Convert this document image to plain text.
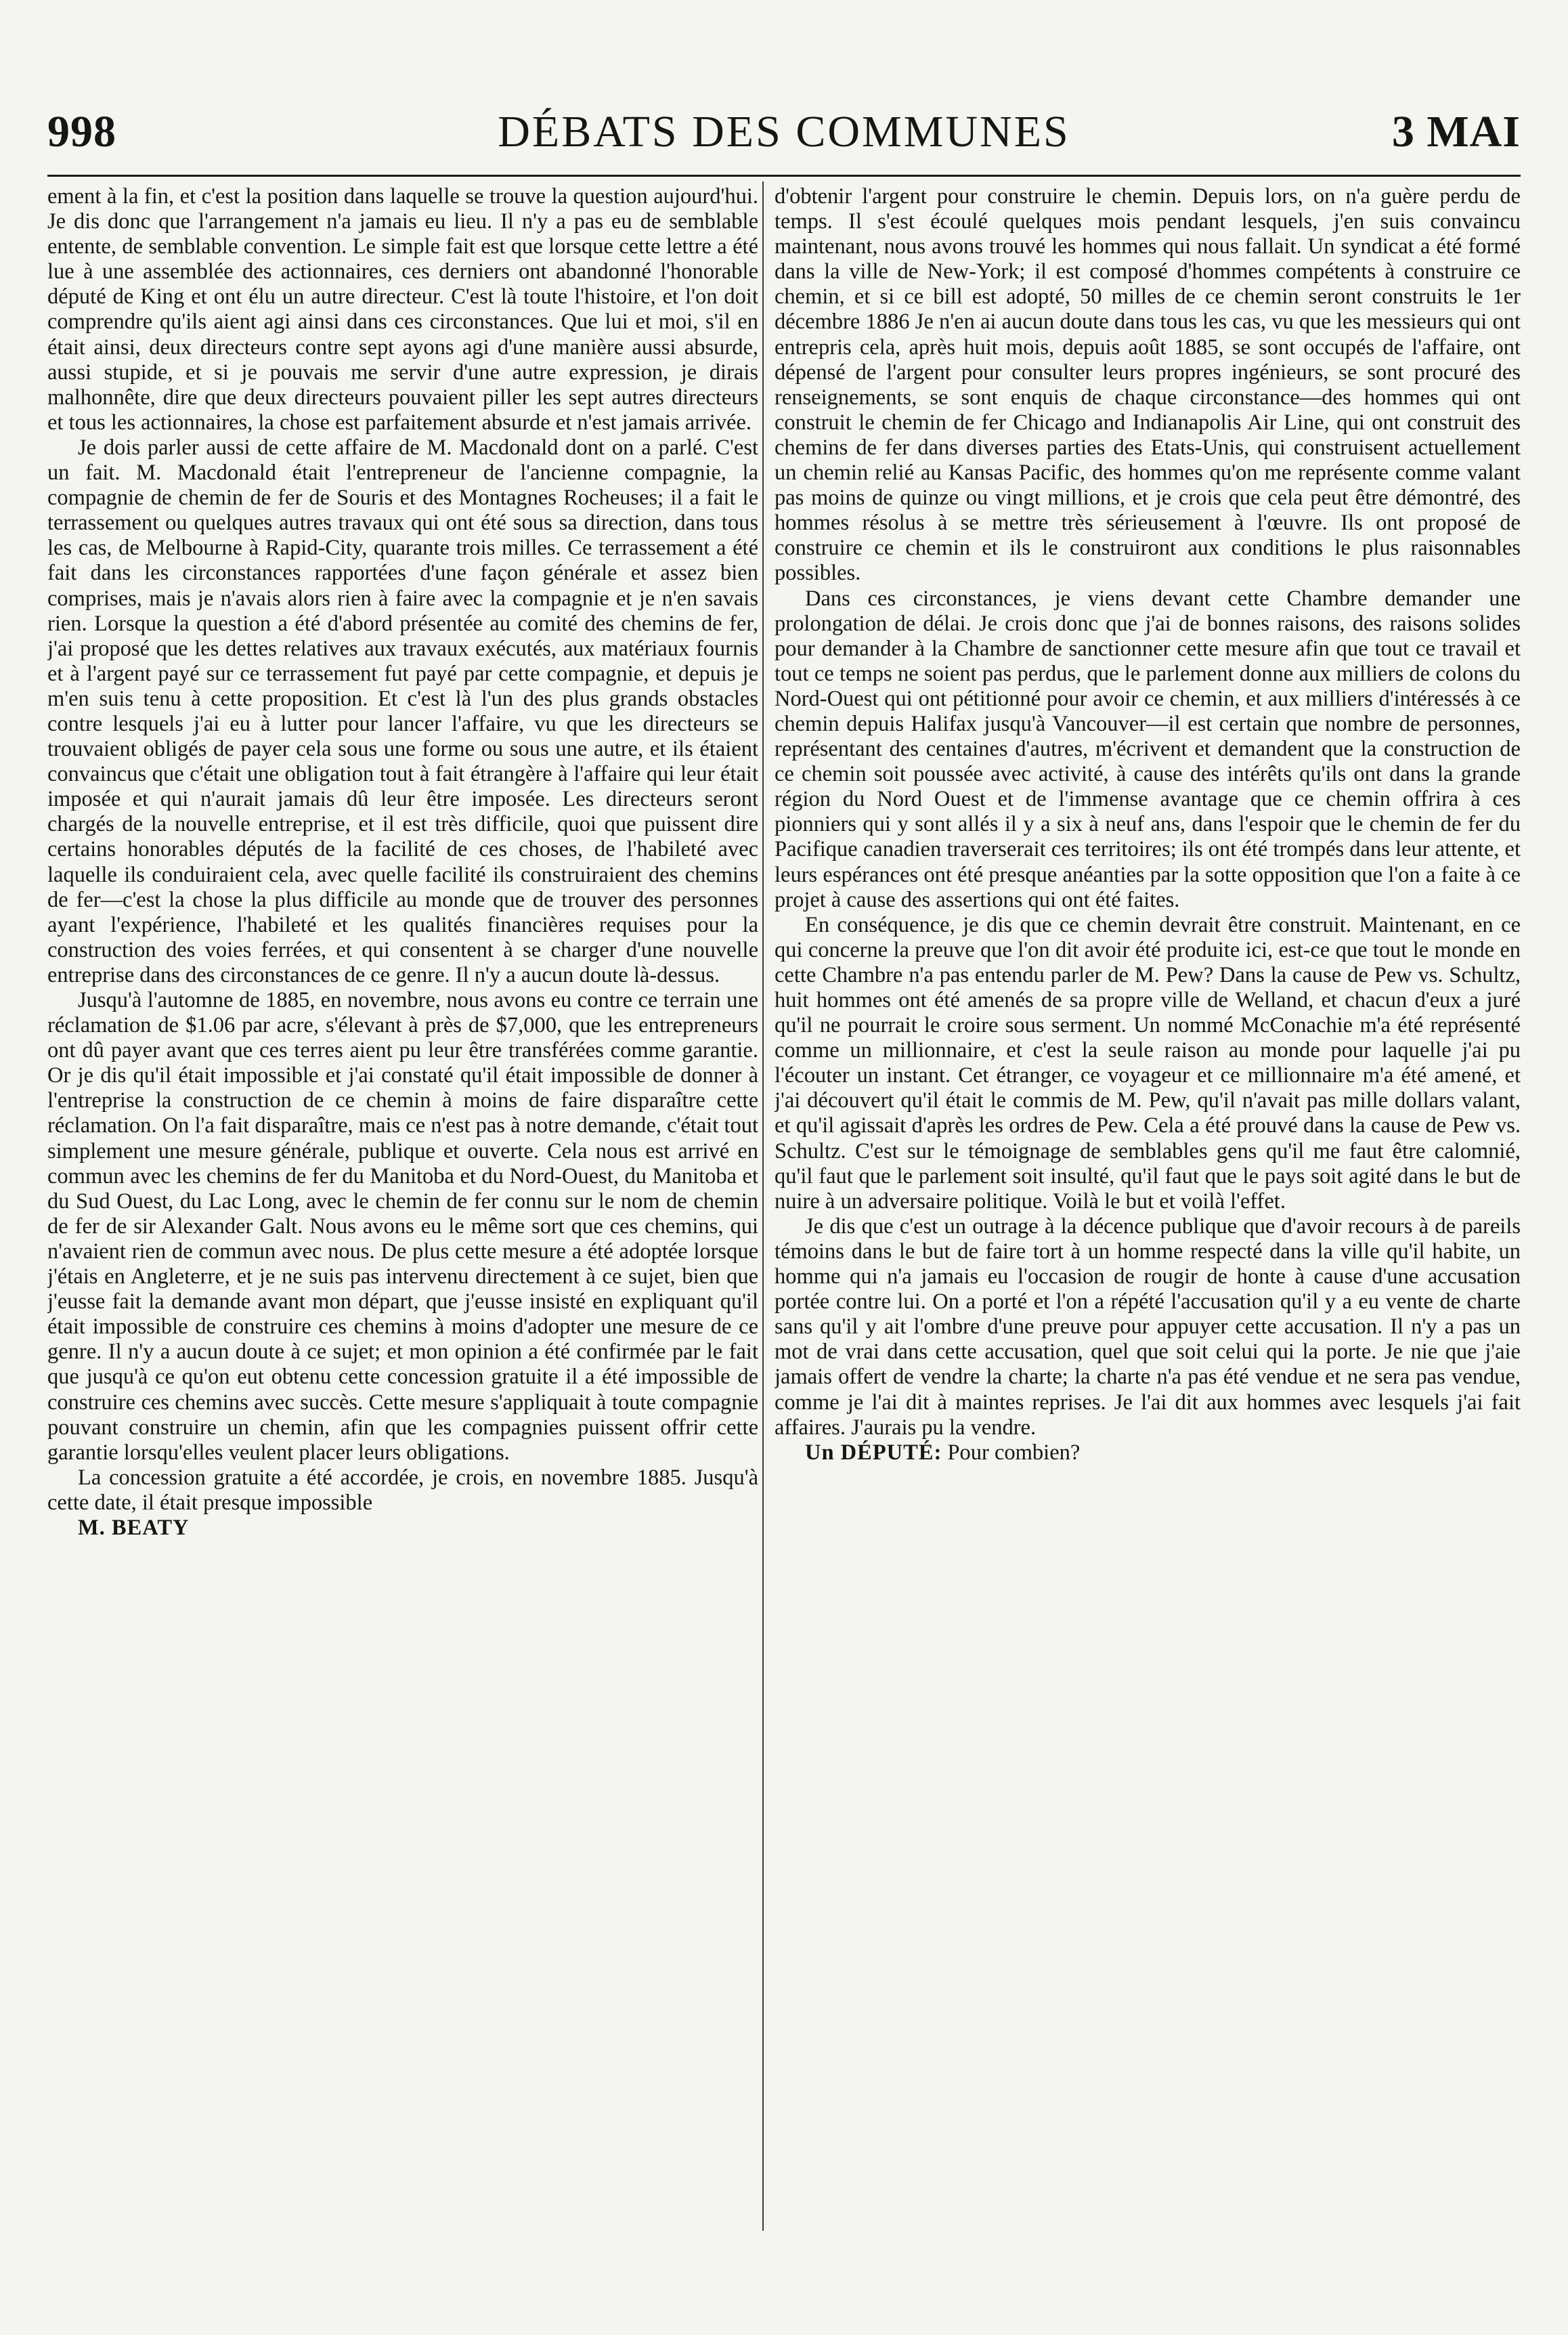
998	DÉBATS DES COMMUNES	3 MAI

ement à la fin, et c'est la position dans laquelle se trouve la question aujourd'hui. Je dis donc que l'arrangement n'a jamais eu lieu. Il n'y a pas eu de semblable entente, de semblable convention. Le simple fait est que lorsque cette lettre a été lue à une assemblée des actionnaires, ces derniers ont abandonné l'honorable député de King et ont élu un autre directeur. C'est là toute l'histoire, et l'on doit comprendre qu'ils aient agi ainsi dans ces circonstances. Que lui et moi, s'il en était ainsi, deux directeurs contre sept ayons agi d'une manière aussi absurde, aussi stupide, et si je pouvais me servir d'une autre expression, je dirais malhonnête, dire que deux directeurs pouvaient piller les sept autres directeurs et tous les actionnaires, la chose est parfaitement absurde et n'est jamais arrivée.

Je dois parler aussi de cette affaire de M. Macdonald dont on a parlé. C'est un fait. M. Macdonald était l'entrepreneur de l'ancienne compagnie, la compagnie de chemin de fer de Souris et des Montagnes Rocheuses; il a fait le terrassement ou quelques autres travaux qui ont été sous sa direction, dans tous les cas, de Melbourne à Rapid-City, quarante trois milles. Ce terrassement a été fait dans les circonstances rapportées d'une façon générale et assez bien comprises, mais je n'avais alors rien à faire avec la compagnie et je n'en savais rien. Lorsque la question a été d'abord présentée au comité des chemins de fer, j'ai proposé que les dettes relatives aux travaux exécutés, aux matériaux fournis et à l'argent payé sur ce terrassement fut payé par cette compagnie, et depuis je m'en suis tenu à cette proposition. Et c'est là l'un des plus grands obstacles contre lesquels j'ai eu à lutter pour lancer l'affaire, vu que les directeurs se trouvaient obligés de payer cela sous une forme ou sous une autre, et ils étaient convaincus que c'était une obligation tout à fait étrangère à l'affaire qui leur était imposée et qui n'aurait jamais dû leur être imposée. Les directeurs seront chargés de la nouvelle entreprise, et il est très difficile, quoi que puissent dire certains honorables députés de la facilité de ces choses, de l'habileté avec laquelle ils conduiraient cela, avec quelle facilité ils construiraient des chemins de fer—c'est la chose la plus difficile au monde que de trouver des personnes ayant l'expérience, l'habileté et les qualités financières requises pour la construction des voies ferrées, et qui consentent à se charger d'une nouvelle entreprise dans des circonstances de ce genre. Il n'y a aucun doute là-dessus.

Jusqu'à l'automne de 1885, en novembre, nous avons eu contre ce terrain une réclamation de $1.06 par acre, s'élevant à près de $7,000, que les entrepreneurs ont dû payer avant que ces terres aient pu leur être transférées comme garantie. Or je dis qu'il était impossible et j'ai constaté qu'il était impossible de donner à l'entreprise la construction de ce chemin à moins de faire disparaître cette réclamation. On l'a fait disparaître, mais ce n'est pas à notre demande, c'était tout simplement une mesure générale, publique et ouverte. Cela nous est arrivé en commun avec les chemins de fer du Manitoba et du Nord-Ouest, du Manitoba et du Sud Ouest, du Lac Long, avec le chemin de fer connu sur le nom de chemin de fer de sir Alexander Galt. Nous avons eu le même sort que ces chemins, qui n'avaient rien de commun avec nous. De plus cette mesure a été adoptée lorsque j'étais en Angleterre, et je ne suis pas intervenu directement à ce sujet, bien que j'eusse fait la demande avant mon départ, que j'eusse insisté en expliquant qu'il était impossible de construire ces chemins à moins d'adopter une mesure de ce genre. Il n'y a aucun doute à ce sujet; et mon opinion a été confirmée par le fait que jusqu'à ce qu'on eut obtenu cette concession gratuite il a été impossible de construire ces chemins avec succès. Cette mesure s'appliquait à toute compagnie pouvant construire un chemin, afin que les compagnies puissent offrir cette garantie lorsqu'elles veulent placer leurs obligations.

La concession gratuite a été accordée, je crois, en novembre 1885. Jusqu'à cette date, il était presque impossible

M. BEATY

d'obtenir l'argent pour construire le chemin. Depuis lors, on n'a guère perdu de temps. Il s'est écoulé quelques mois pendant lesquels, j'en suis convaincu maintenant, nous avons trouvé les hommes qui nous fallait. Un syndicat a été formé dans la ville de New-York; il est composé d'hommes compétents à construire ce chemin, et si ce bill est adopté, 50 milles de ce chemin seront construits le 1er décembre 1886 Je n'en ai aucun doute dans tous les cas, vu que les messieurs qui ont entrepris cela, après huit mois, depuis août 1885, se sont occupés de l'affaire, ont dépensé de l'argent pour consulter leurs propres ingénieurs, se sont procuré des renseignements, se sont enquis de chaque circonstance—des hommes qui ont construit le chemin de fer Chicago and Indianapolis Air Line, qui ont construit des chemins de fer dans diverses parties des Etats-Unis, qui construisent actuellement un chemin relié au Kansas Pacific, des hommes qu'on me représente comme valant pas moins de quinze ou vingt millions, et je crois que cela peut être démontré, des hommes résolus à se mettre très sérieusement à l'œuvre. Ils ont proposé de construire ce chemin et ils le construiront aux conditions le plus raisonnables possibles.

Dans ces circonstances, je viens devant cette Chambre demander une prolongation de délai. Je crois donc que j'ai de bonnes raisons, des raisons solides pour demander à la Chambre de sanctionner cette mesure afin que tout ce travail et tout ce temps ne soient pas perdus, que le parlement donne aux milliers de colons du Nord-Ouest qui ont pétitionné pour avoir ce chemin, et aux milliers d'intéressés à ce chemin depuis Halifax jusqu'à Vancouver—il est certain que nombre de personnes, représentant des centaines d'autres, m'écrivent et demandent que la construction de ce chemin soit poussée avec activité, à cause des intérêts qu'ils ont dans la grande région du Nord Ouest et de l'immense avantage que ce chemin offrira à ces pionniers qui y sont allés il y a six à neuf ans, dans l'espoir que le chemin de fer du Pacifique canadien traverserait ces territoires; ils ont été trompés dans leur attente, et leurs espérances ont été presque anéanties par la sotte opposition que l'on a faite à ce projet à cause des assertions qui ont été faites.

En conséquence, je dis que ce chemin devrait être construit. Maintenant, en ce qui concerne la preuve que l'on dit avoir été produite ici, est-ce que tout le monde en cette Chambre n'a pas entendu parler de M. Pew? Dans la cause de Pew vs. Schultz, huit hommes ont été amenés de sa propre ville de Welland, et chacun d'eux a juré qu'il ne pourrait le croire sous serment. Un nommé McConachie m'a été représenté comme un millionnaire, et c'est la seule raison au monde pour laquelle j'ai pu l'écouter un instant. Cet étranger, ce voyageur et ce millionnaire m'a été amené, et j'ai découvert qu'il était le commis de M. Pew, qu'il n'avait pas mille dollars valant, et qu'il agissait d'après les ordres de Pew. Cela a été prouvé dans la cause de Pew vs. Schultz. C'est sur le témoignage de semblables gens qu'il me faut être calomnié, qu'il faut que le parlement soit insulté, qu'il faut que le pays soit agité dans le but de nuire à un adversaire politique. Voilà le but et voilà l'effet.

Je dis que c'est un outrage à la décence publique que d'avoir recours à de pareils témoins dans le but de faire tort à un homme respecté dans la ville qu'il habite, un homme qui n'a jamais eu l'occasion de rougir de honte à cause d'une accusation portée contre lui. On a porté et l'on a répété l'accusation qu'il y a eu vente de charte sans qu'il y ait l'ombre d'une preuve pour appuyer cette accusation. Il n'y a pas un mot de vrai dans cette accusation, quel que soit celui qui la porte. Je nie que j'aie jamais offert de vendre la charte; la charte n'a pas été vendue et ne sera pas vendue, comme je l'ai dit à maintes reprises. Je l'ai dit aux hommes avec lesquels j'ai fait affaires. J'aurais pu la vendre.

Un DÉPUTÉ: Pour combien?
